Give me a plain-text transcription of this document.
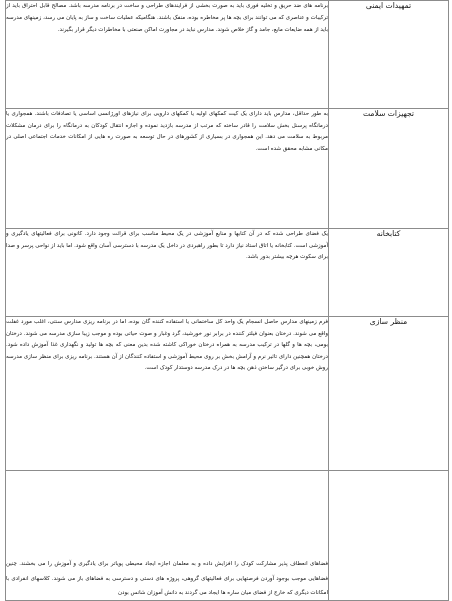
تمهیدات ایمنی	برنامه های ضد حریق و تخلیه فوری باید به صورت بخشی از فرایندهای طراحی و ساخت در برنامه مدرسه باشد. مصالح قابل احتراق باید از ترکیبات و عناصری که می توانند برای بچه ها پر مخاطره بوده، منفک باشند. هنگامیکه عملیات ساخت و ساز به پایان می رسد، زمینهای مدرسه باید از همه ضایعات مایع، جامد و گاز خلاص شوند. مدارس نباید در مجاورت اماکن صنعتی با مخاطرات دیگر قرار بگیرند.

تجهیزات سلامت	به طور حداقل، مدارس باید دارای یک کیت کمکهای اولیه یا کمکهای دارویی برای نیازهای اورژانسی اساسی یا تصادفات باشند. همجواری یا درمانگاه پرسنل بخش سلامت را قادر ساخته که مرتب از مدرسه بازدید نموده و اجازه انتقال کودکان به درمانگاه را برای درمان مشکلات مربوط به سلامت می دهد. این همجواری در بسیاری از کشورهای در حال توسعه به صورت ره هایی از امکانات خدمات اجتماعی اصلی در مکانی مشابه محقق شده است.

کتابخانه	یک فضای طراحی شده که در آن کتابها و منابع آموزشی در یک محیط مناسب برای قرائت وجود دارد. کانونی برای فعالیتهای یادگیری و آموزشی است. کتابخانه یا اتاق استاد نیاز دارد تا بطور راهبردی در داخل یک مدرسه با دسترسی آسان واقع شود. اما باید از نواحی پرسر و صدا برای سکوت هرچه بیشتر بدور باشد.

منظر سازی	فرم زمینهای مدارس حاصل انسجام یک واحد کل ساختمانی یا استفاده کننده گان بوده، اما در برنامه ریزی مدارس سنتی، اغلب مورد غفلت واقع می شوند. درختان بعنوان فیلتر کننده در برابر نور خورشید، گرد وغبار و صوت حیاتی بوده و موجب زیبا سازی مدرسه می شوند. درختان بومی، بچه ها و گلها در تركيب مدرسه به همراه درختان خوراکی کاشته شده بدین معنی که بچه ها تولید و نگهداری غذا آموزش داده شود. درختان همچنین دارای تاثیر نرم و آرامش بخش بر روی محیط آموزشی و استفاده کنندگان از آن هستند. برنامه ریزی برای منظر سازی مدرسه روش خوبی برای درگیر ساختن ذهن بچه ها در درک مدرسه دوستدار کودک است.

	فضاهای انعطاف پذیر مشارکت کودک را افزایش داده و به معلمان اجازه ایجاد محیطی پویاتر برای یادگیری و آموزش را می بخشند. چنین فضاهایی موجب بوجود آوردن فرصتهایی برای فعالیتهای گروهی، پروژه های دستی و دسترسی به فضاهای باز می شوند. کلاسهای انفرادی با امکانات دیگری که خارج از فضای میان ساره ها ایجاد می گردند به دانش آموزان شانس بودن
